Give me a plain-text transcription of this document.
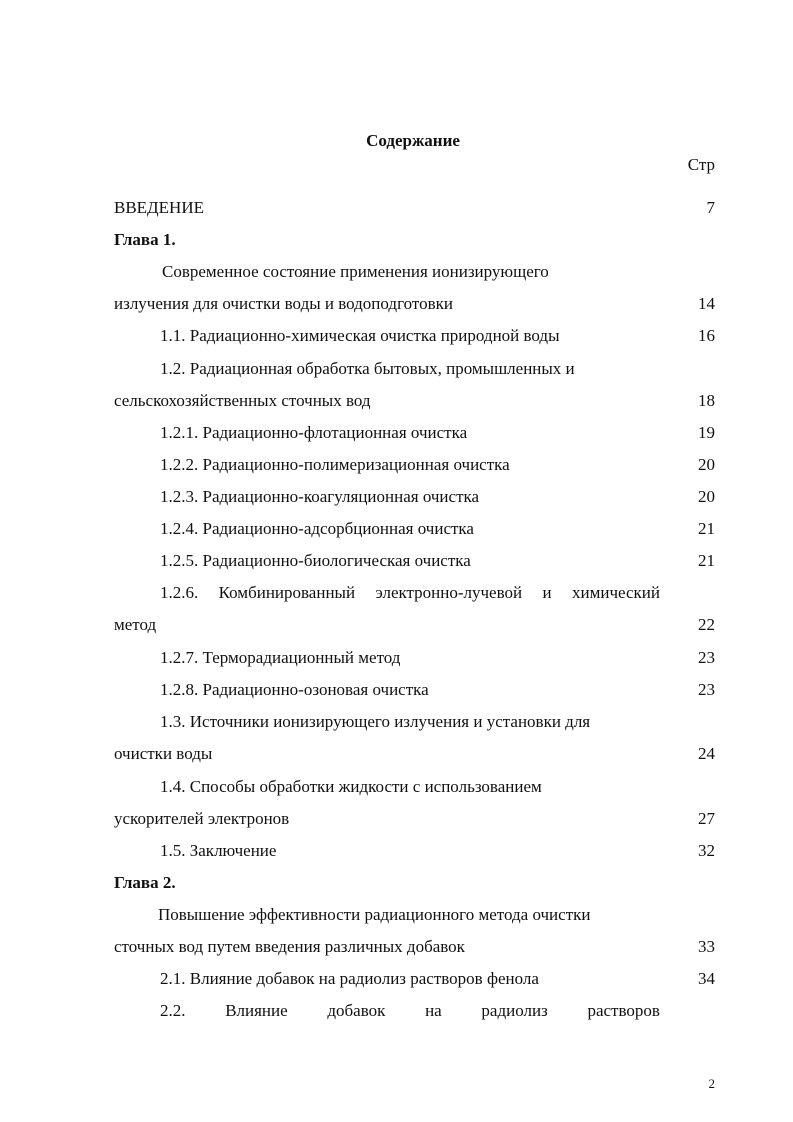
Содержание
Стр
ВВЕДЕНИЕ	7
Глава 1.
Современное состояние применения ионизирующего
излучения для очистки воды и водоподготовки	14
1.1. Радиационно-химическая очистка природной воды	16
1.2. Радиационная обработка бытовых, промышленных и
сельскохозяйственных сточных вод	18
1.2.1. Радиационно-флотационная очистка	19
1.2.2. Радиационно-полимеризационная очистка	20
1.2.3. Радиационно-коагуляционная очистка	20
1.2.4. Радиационно-адсорбционная очистка	21
1.2.5. Радиационно-биологическая очистка	21
1.2.6. Комбинированный электронно-лучевой и химический
метод	22
1.2.7. Терморадиационный метод	23
1.2.8. Радиационно-озоновая очистка	23
1.3. Источники ионизирующего излучения и установки для
очистки воды	24
1.4. Способы обработки жидкости с использованием
ускорителей электронов	27
1.5. Заключение	32
Глава 2.
Повышение эффективности радиационного метода очистки
сточных вод путем введения различных добавок	33
2.1. Влияние добавок на радиолиз растворов фенола	34
2.2. Влияние добавок на радиолиз растворов
2
